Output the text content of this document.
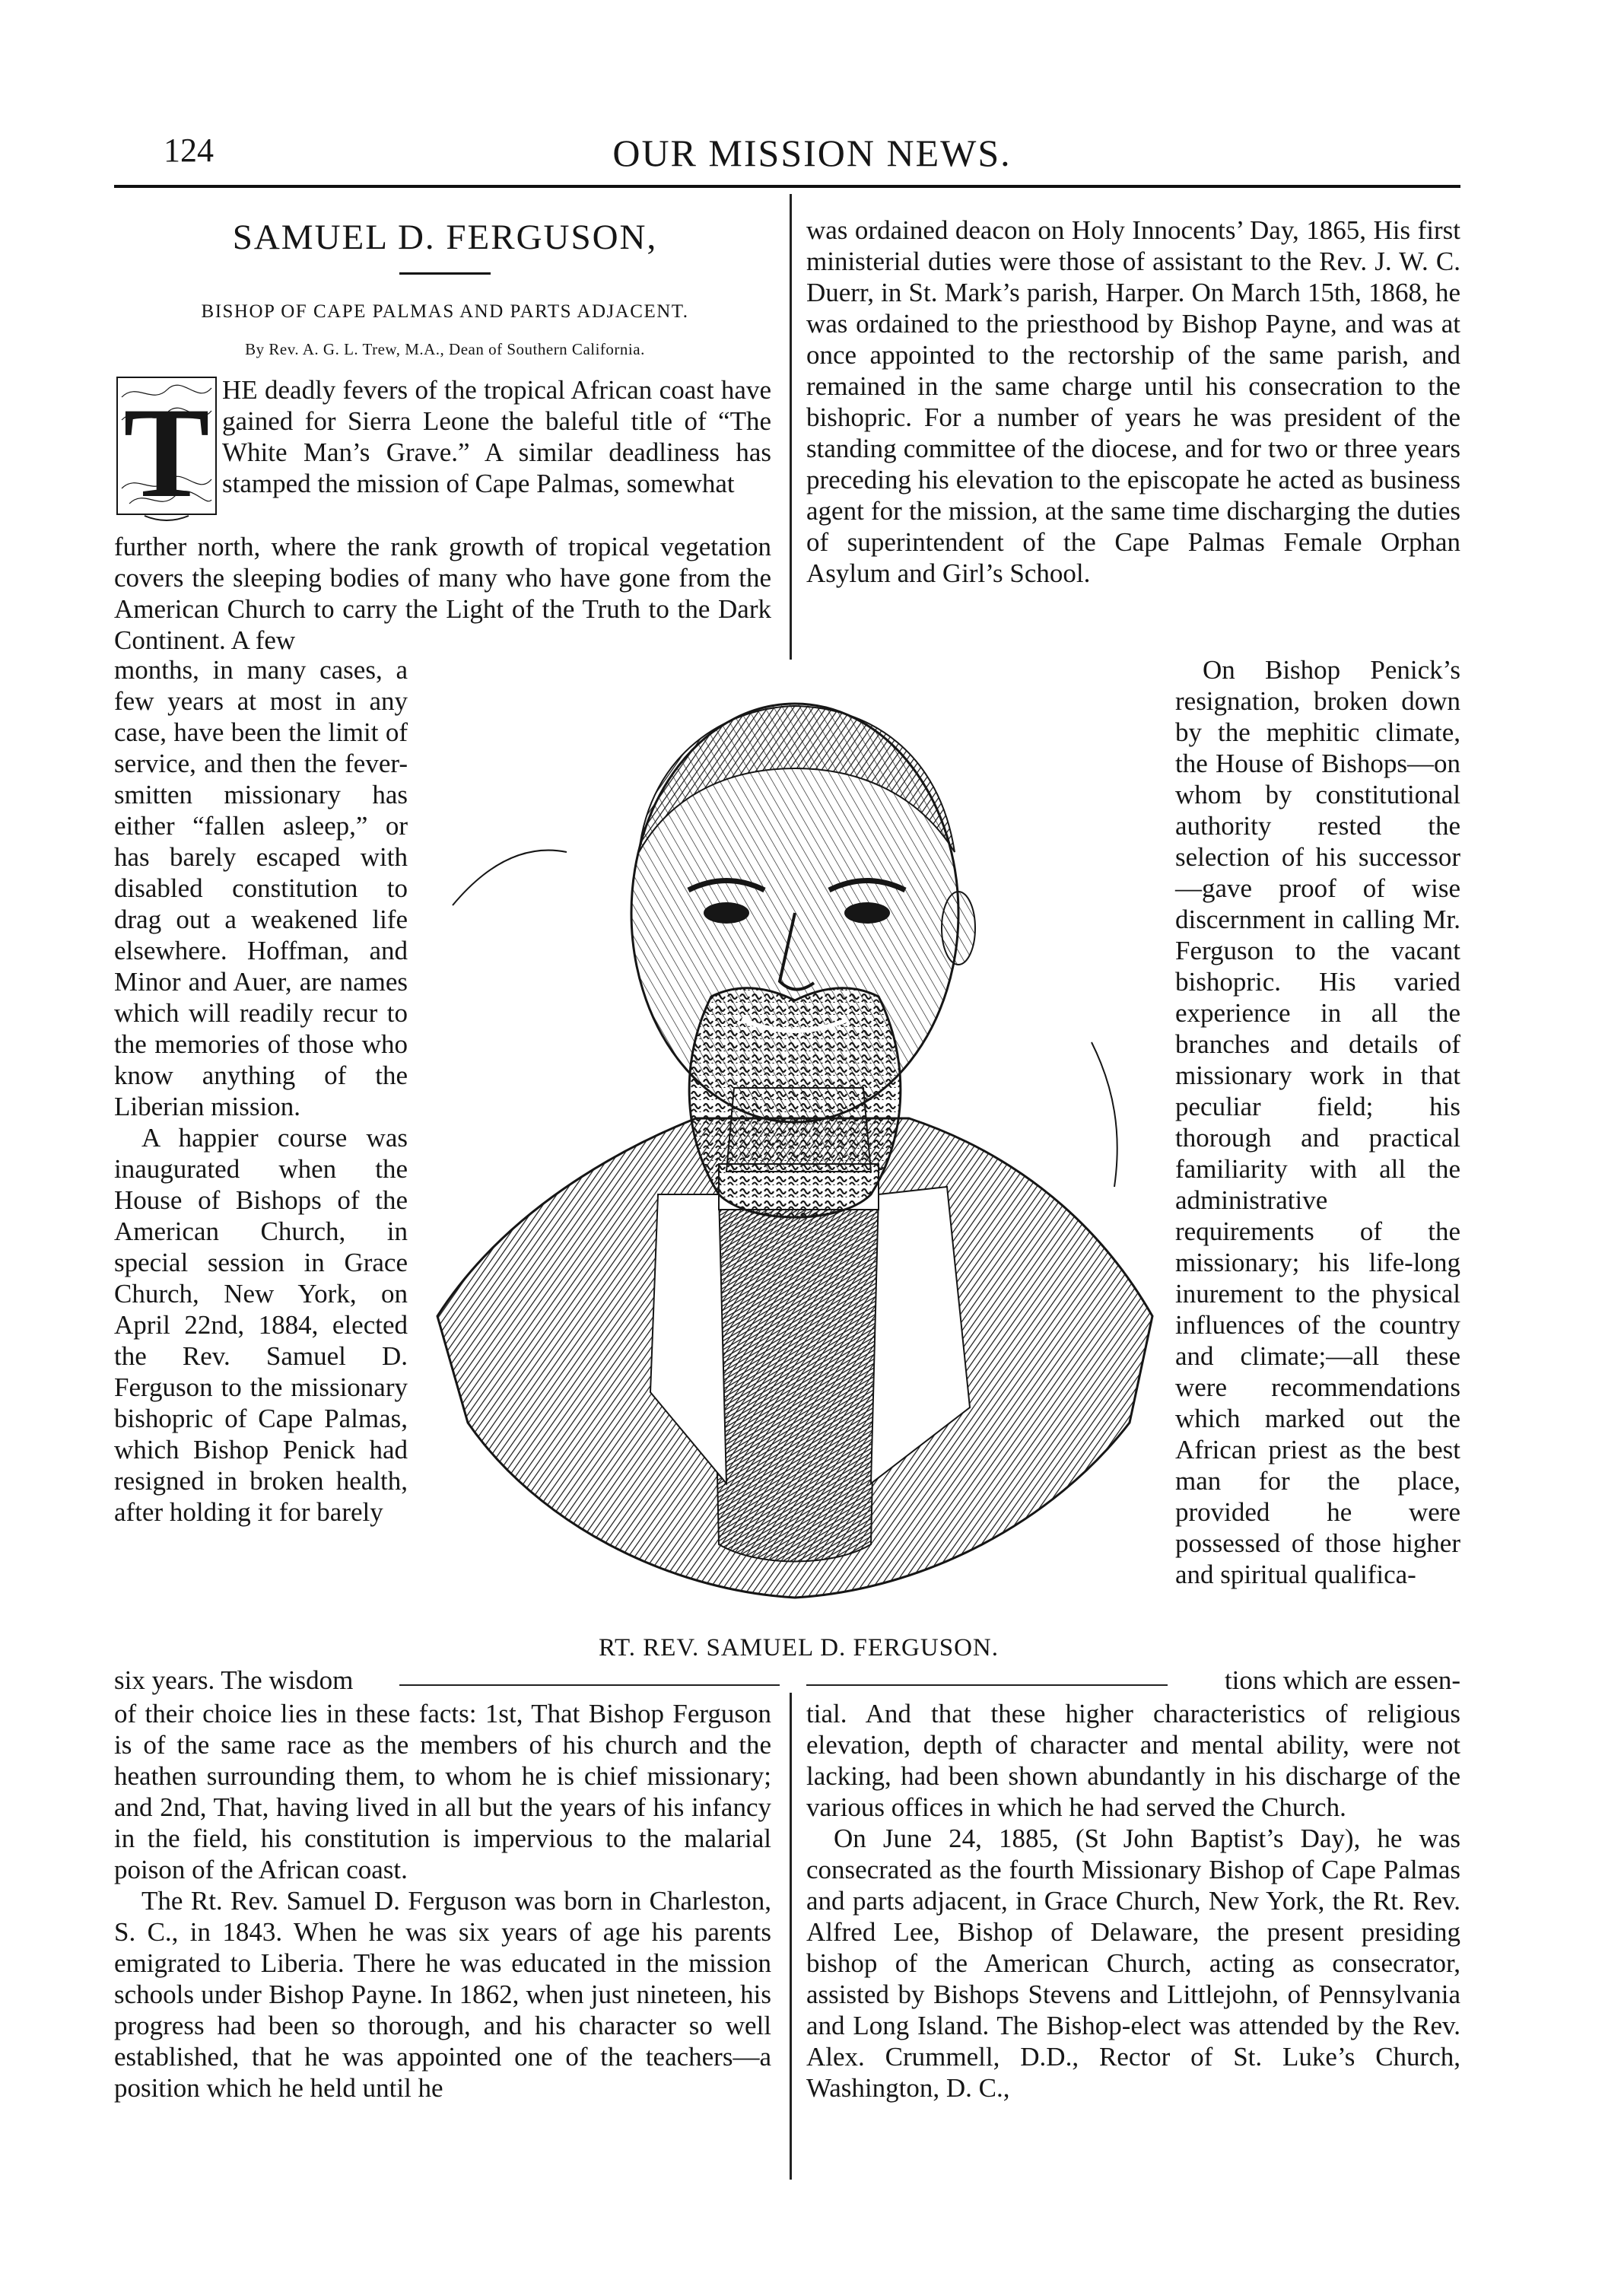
124	OUR MISSION NEWS.
SAMUEL D. FERGUSON,
BISHOP OF CAPE PALMAS AND PARTS ADJACENT.
By Rev. A. G. L. Trew, M.A., Dean of Southern California.
T HE deadly fevers of the tropical African coast have gained for Sierra Leone the baleful title of “The White Man’s Grave.” A similar deadliness has stamped the mission of Cape Palmas, somewhat

further north, where the rank growth of tropical vegetation covers the sleeping bodies of many who have gone from the American Church to carry the Light of the Truth to the Dark Continent. A few

months, in many cases, a few years at most in any case, have been the limit of service, and then the fever-smitten missionary has either “fallen asleep,” or has barely escaped with disabled constitution to drag out a weakened life elsewhere. Hoffman, and Minor and Auer, are names which will readily recur to the memories of those who know anything of the Liberian mission.

A happier course was inaugurated when the House of Bishops of the American Church, in special session in Grace Church, New York, on April 22nd, 1884, elected the Rev. Samuel D. Ferguson to the missionary bishopric of Cape Palmas, which Bishop Penick had resigned in broken health, after holding it for barely

six years. The wisdom

of their choice lies in these facts: 1st, That Bishop Ferguson is of the same race as the members of his church and the heathen surrounding them, to whom he is chief missionary; and 2nd, That, having lived in all but the years of his infancy in the field, his constitution is impervious to the malarial poison of the African coast.

The Rt. Rev. Samuel D. Ferguson was born in Charleston, S. C., in 1843. When he was six years of age his parents emigrated to Liberia. There he was educated in the mission schools under Bishop Payne. In 1862, when just nineteen, his progress had been so thorough, and his character so well established, that he was appointed one of the teachers—a position which he held until he

was ordained deacon on Holy Innocents’ Day, 1865, His first ministerial duties were those of assistant to the Rev. J. W. C. Duerr, in St. Mark’s parish, Harper. On March 15th, 1868, he was ordained to the priesthood by Bishop Payne, and was at once appointed to the rectorship of the same parish, and remained in the same charge until his consecration to the bishopric. For a number of years he was president of the standing committee of the diocese, and for two or three years preceding his elevation to the episcopate he acted as business agent for the mission, at the same time discharging the duties of superintendent of the Cape Palmas Female Orphan Asylum and Girl’s School.

On Bishop Penick’s resignation, broken down by the mephitic climate, the House of Bishops—on whom by constitutional authority rested the selection of his successor—gave proof of wise discernment in calling Mr. Ferguson to the vacant bishopric. His varied experience in all the branches and details of missionary work in that peculiar field; his thorough and practical familiarity with all the administrative requirements of the missionary; his life-long inurement to the physical influences of the country and climate;—all these were recommendations which marked out the African priest as the best man for the place, provided he were possessed of those higher and spiritual qualifica-

tions which are essen-

tial. And that these higher characteristics of religious elevation, depth of character and mental ability, were not lacking, had been shown abundantly in his discharge of the various offices in which he had served the Church.

On June 24, 1885, (St John Baptist’s Day), he was consecrated as the fourth Missionary Bishop of Cape Palmas and parts adjacent, in Grace Church, New York, the Rt. Rev. Alfred Lee, Bishop of Delaware, the present presiding bishop of the American Church, acting as consecrator, assisted by Bishops Stevens and Littlejohn, of Pennsylvania and Long Island. The Bishop-elect was attended by the Rev. Alex. Crummell, D.D., Rector of St. Luke’s Church, Washington, D. C.,

RT. REV. SAMUEL D. FERGUSON.
